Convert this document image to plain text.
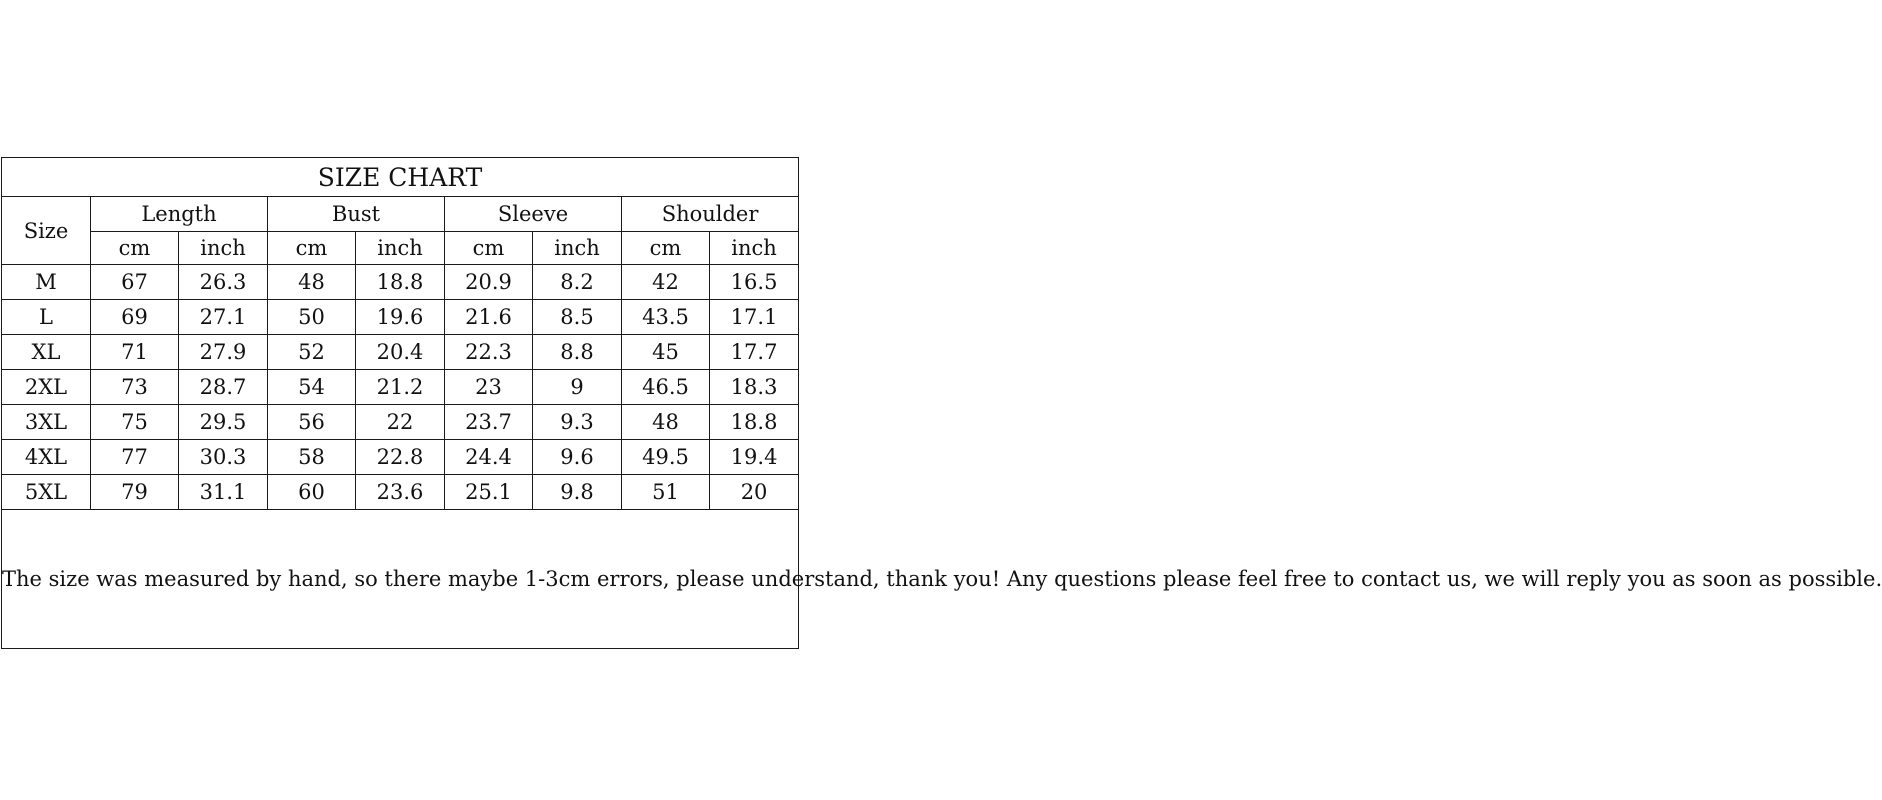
SIZE CHART								
Size	Length		Bust		Sleeve		Shoulder	
	cm	inch	cm	inch	cm	inch	cm	inch
M	67	26.3	48	18.8	20.9	8.2	42	16.5
L	69	27.1	50	19.6	21.6	8.5	43.5	17.1
XL	71	27.9	52	20.4	22.3	8.8	45	17.7
2XL	73	28.7	54	21.2	23	9	46.5	18.3
3XL	75	29.5	56	22	23.7	9.3	48	18.8
4XL	77	30.3	58	22.8	24.4	9.6	49.5	19.4
5XL	79	31.1	60	23.6	25.1	9.8	51	20
The size was measured by hand, so there maybe 1-3cm errors, please understand, thank you! Any questions please feel free to contact us, we will reply you as soon as possible.								
